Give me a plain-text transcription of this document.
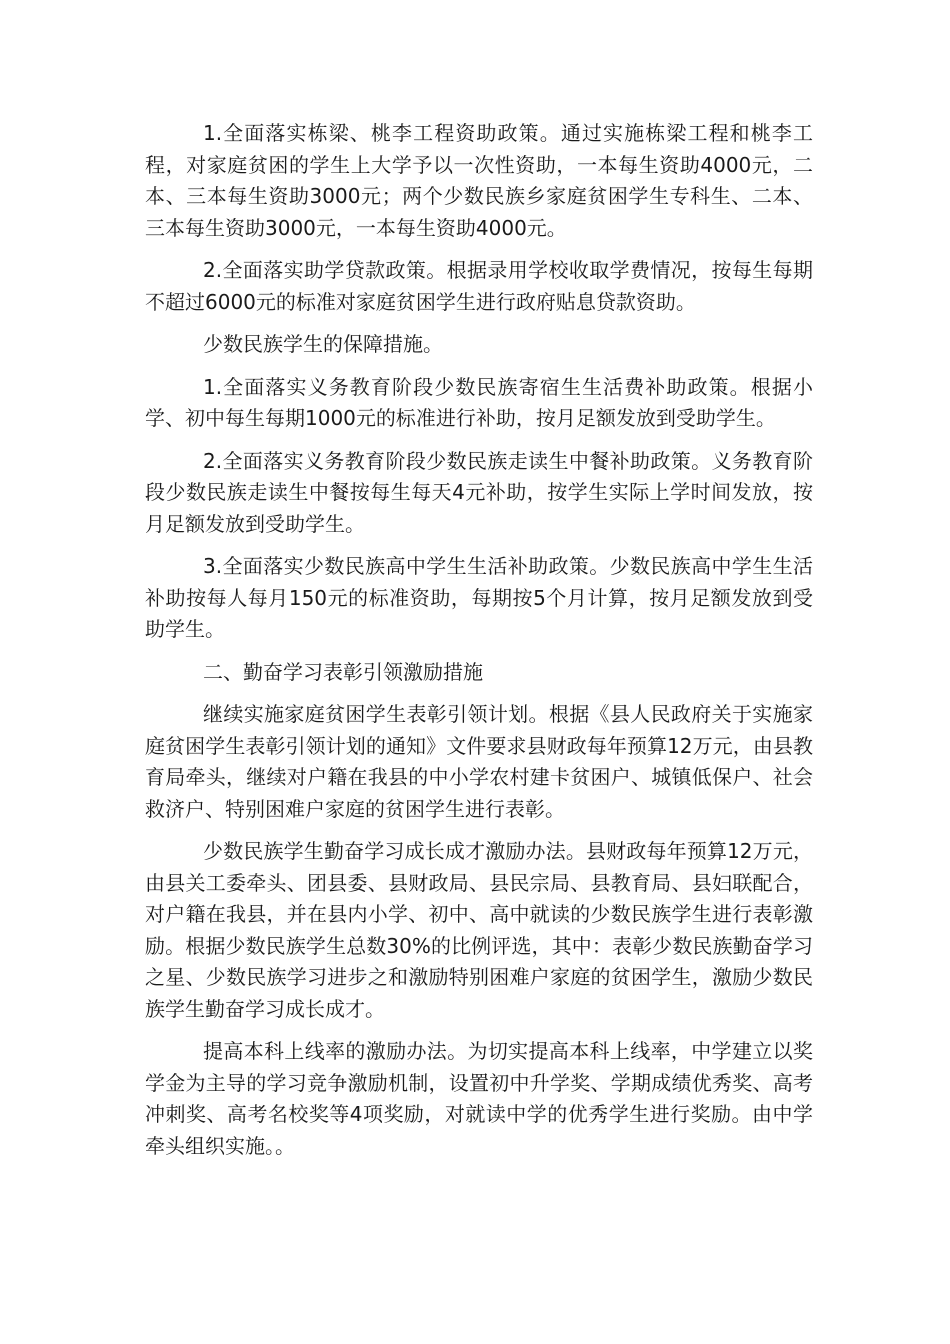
1.全面落实栋梁、桃李工程资助政策。通过实施栋梁工程和桃李工程，对家庭贫困的学生上大学予以一次性资助，一本每生资助4000元，二本、三本每生资助3000元；两个少数民族乡家庭贫困学生专科生、二本、三本每生资助3000元，一本每生资助4000元。

2.全面落实助学贷款政策。根据录用学校收取学费情况，按每生每期不超过6000元的标准对家庭贫困学生进行政府贴息贷款资助。

少数民族学生的保障措施。

1.全面落实义务教育阶段少数民族寄宿生生活费补助政策。根据小学、初中每生每期1000元的标准进行补助，按月足额发放到受助学生。

2.全面落实义务教育阶段少数民族走读生中餐补助政策。义务教育阶段少数民族走读生中餐按每生每天4元补助，按学生实际上学时间发放，按月足额发放到受助学生。

3.全面落实少数民族高中学生生活补助政策。少数民族高中学生生活补助按每人每月150元的标准资助，每期按5个月计算，按月足额发放到受助学生。

二、勤奋学习表彰引领激励措施

继续实施家庭贫困学生表彰引领计划。根据《县人民政府关于实施家庭贫困学生表彰引领计划的通知》文件要求县财政每年预算12万元，由县教育局牵头，继续对户籍在我县的中小学农村建卡贫困户、城镇低保户、社会救济户、特别困难户家庭的贫困学生进行表彰。

少数民族学生勤奋学习成长成才激励办法。县财政每年预算12万元，由县关工委牵头、团县委、县财政局、县民宗局、县教育局、县妇联配合，对户籍在我县，并在县内小学、初中、高中就读的少数民族学生进行表彰激励。根据少数民族学生总数30%的比例评选，其中：表彰少数民族勤奋学习之星、少数民族学习进步之和激励特别困难户家庭的贫困学生，激励少数民族学生勤奋学习成长成才。

提高本科上线率的激励办法。为切实提高本科上线率，中学建立以奖学金为主导的学习竞争激励机制，设置初中升学奖、学期成绩优秀奖、高考冲刺奖、高考名校奖等4项奖励，对就读中学的优秀学生进行奖励。由中学牵头组织实施。。
